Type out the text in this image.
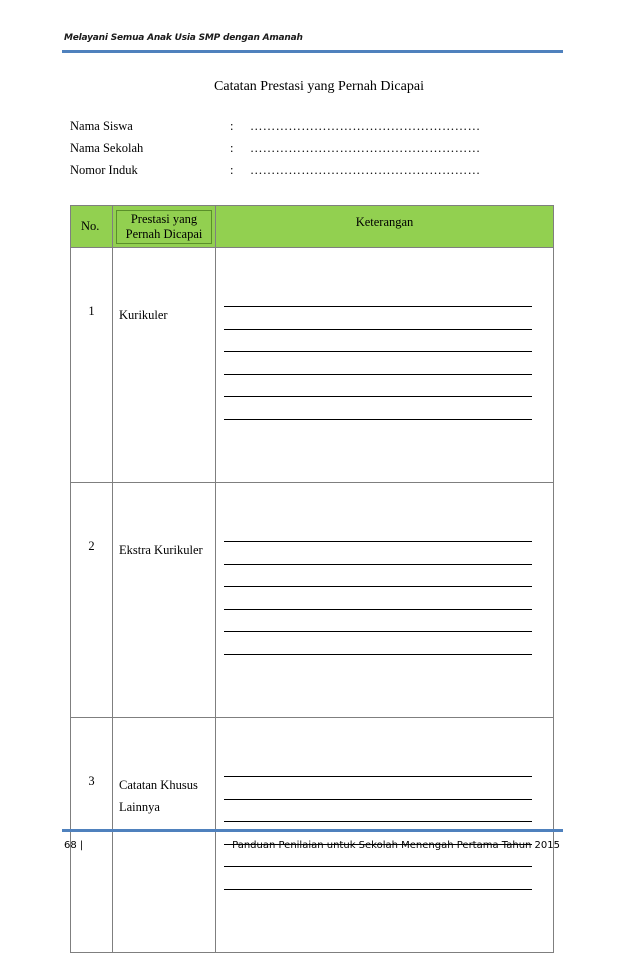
Melayani Semua Anak Usia SMP dengan Amanah
Catatan Prestasi yang Pernah Dicapai
Nama Siswa	: ………………………………………………
Nama Sekolah	: ………………………………………………
Nomor Induk	: ………………………………………………
No.	Prestasi yang Pernah Dicapai	Keterangan
1	Kurikuler	

2	Ekstra Kurikuler	

3	Catatan Khusus Lainnya	
68 |	Panduan Penilaian untuk Sekolah Menengah Pertama Tahun 2015
